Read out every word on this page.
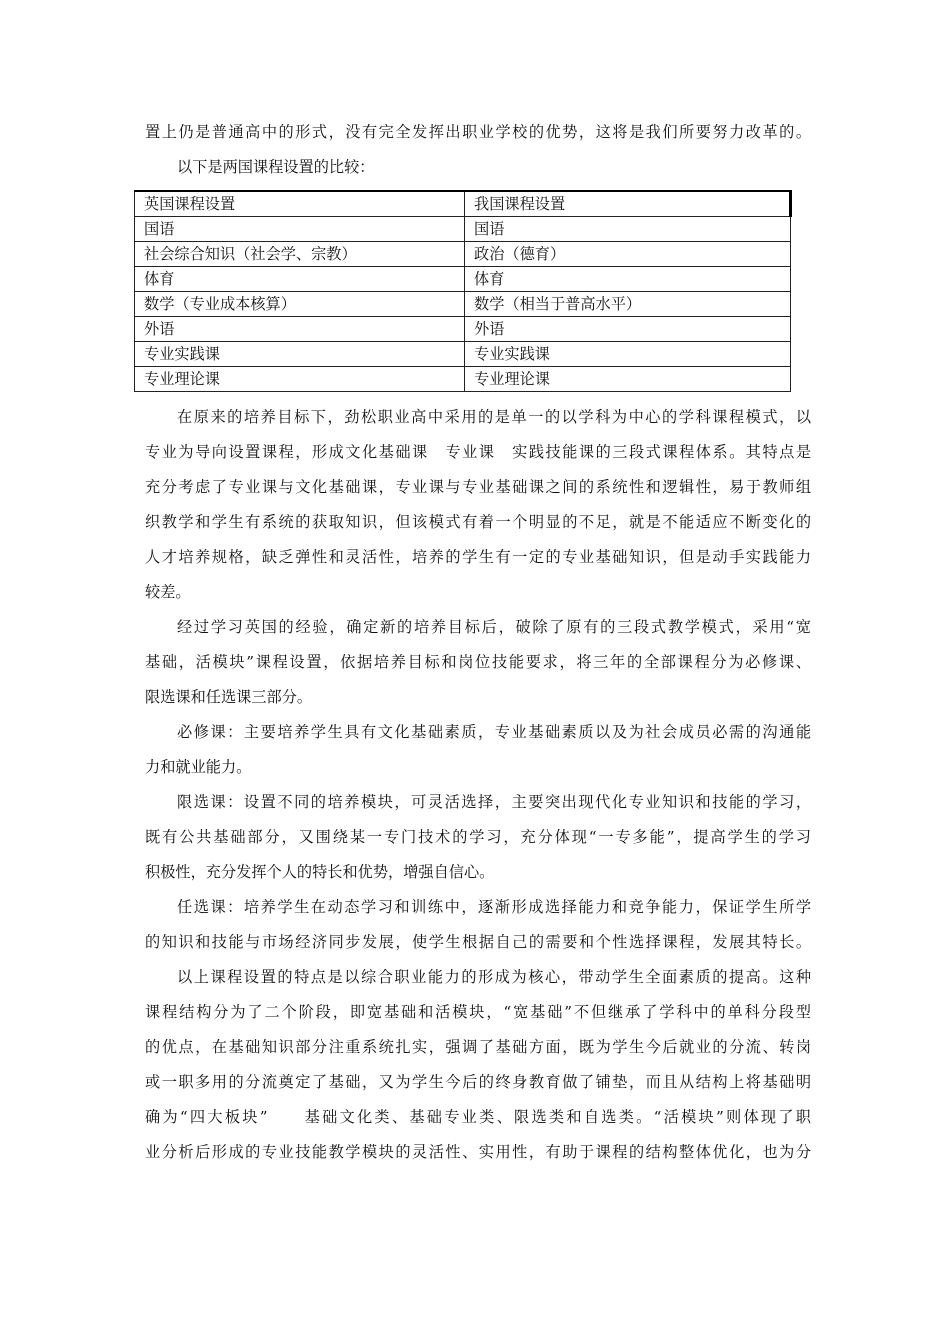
置上仍是普通高中的形式，没有完全发挥出职业学校的优势，这将是我们所要努力改革的。
以下是两国课程设置的比较：
英国课程设置	我国课程设置
国语	国语
社会综合知识（社会学、宗教）	政治（德育）
体育	体育
数学（专业成本核算）	数学（相当于普高水平）
外语	外语
专业实践课	专业实践课
专业理论课	专业理论课
在原来的培养目标下，劲松职业高中采用的是单一的以学科为中心的学科课程模式，以
专业为导向设置课程，形成文化基础课　专业课　实践技能课的三段式课程体系。其特点是
充分考虑了专业课与文化基础课，专业课与专业基础课之间的系统性和逻辑性，易于教师组
织教学和学生有系统的获取知识，但该模式有着一个明显的不足，就是不能适应不断变化的
人才培养规格，缺乏弹性和灵活性，培养的学生有一定的专业基础知识，但是动手实践能力
较差。
经过学习英国的经验，确定新的培养目标后，破除了原有的三段式教学模式，采用“宽
基础，活模块”课程设置，依据培养目标和岗位技能要求，将三年的全部课程分为必修课、
限选课和任选课三部分。
必修课：主要培养学生具有文化基础素质，专业基础素质以及为社会成员必需的沟通能
力和就业能力。
限选课：设置不同的培养模块，可灵活选择，主要突出现代化专业知识和技能的学习，
既有公共基础部分，又围绕某一专门技术的学习，充分体现“一专多能”，提高学生的学习
积极性，充分发挥个人的特长和优势，增强自信心。
任选课：培养学生在动态学习和训练中，逐渐形成选择能力和竞争能力，保证学生所学
的知识和技能与市场经济同步发展，使学生根据自己的需要和个性选择课程，发展其特长。
以上课程设置的特点是以综合职业能力的形成为核心，带动学生全面素质的提高。这种
课程结构分为了二个阶段，即宽基础和活模块，“宽基础”不但继承了学科中的单科分段型
的优点，在基础知识部分注重系统扎实，强调了基础方面，既为学生今后就业的分流、转岗
或一职多用的分流奠定了基础，又为学生今后的终身教育做了铺垫，而且从结构上将基础明
确为“四大板块”　　基础文化类、基础专业类、限选类和自选类。“活模块”则体现了职
业分析后形成的专业技能教学模块的灵活性、实用性，有助于课程的结构整体优化，也为分
